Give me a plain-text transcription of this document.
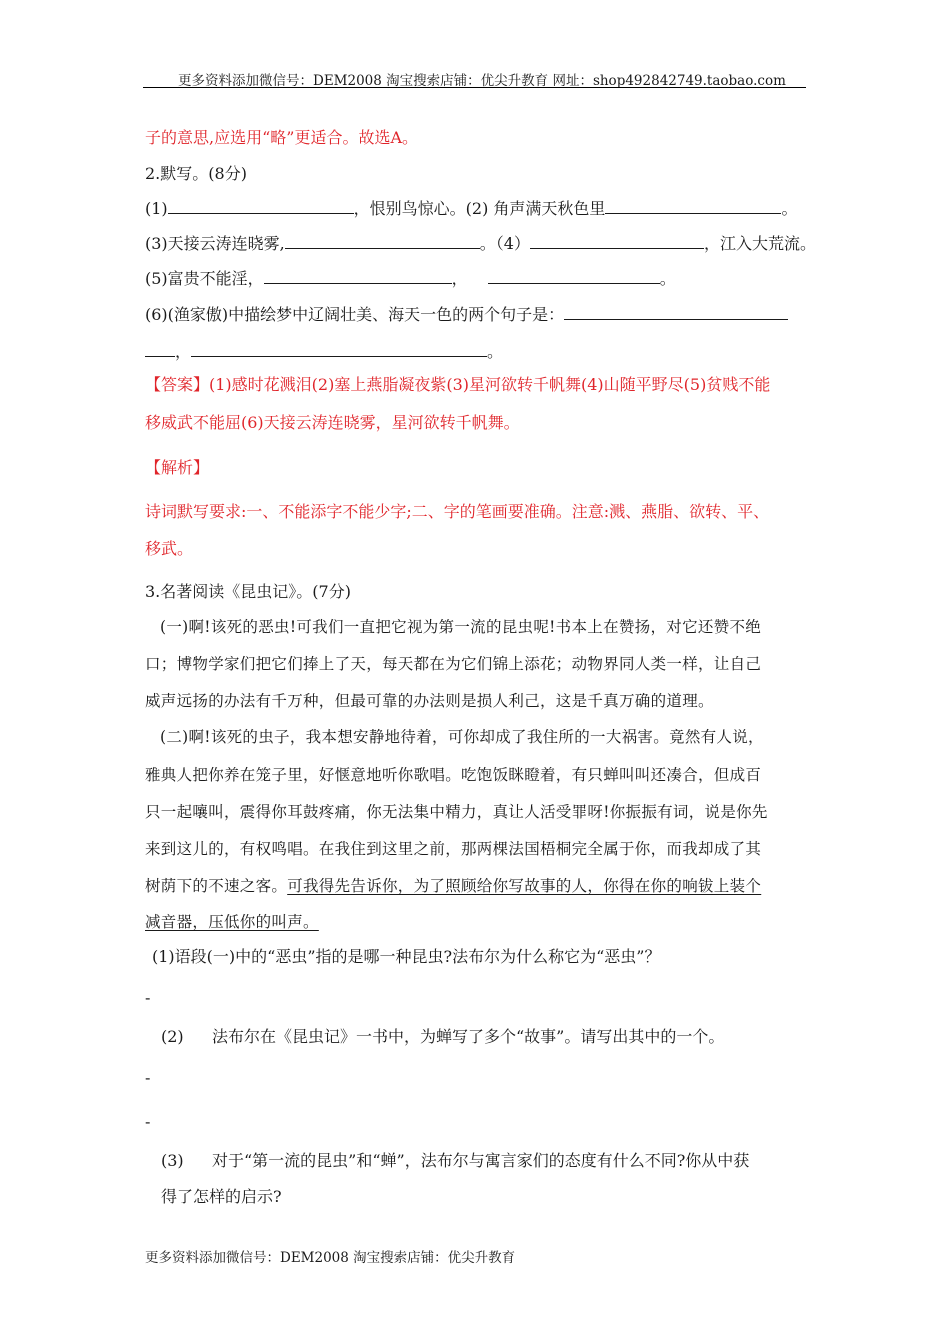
更多资料添加微信号：DEM2008 淘宝搜索店铺：优尖升教育 网址：shop492842749.taobao.com
子的意思,应选用“略”更适合。故选A。
2.默写。(8分)
(1)	，恨别鸟惊心。(2) 角声满天秋色里	。
(3)天接云涛连晓雾,	。（4）	，江入大荒流。
(5)富贵不能淫，	，	。
(6)(渔家傲)中描绘梦中辽阔壮美、海天一色的两个句子是：
，	。
【答案】(1)感时花溅泪(2)塞上燕脂凝夜紫(3)星河欲转千帆舞(4)山随平野尽(5)贫贱不能
移威武不能屈(6)天接云涛连晓雾，星河欲转千帆舞。
【解析】
诗词默写要求:一、不能添字不能少字;二、字的笔画要准确。注意:溅、燕脂、欲转、平、
移武。
3.名著阅读《昆虫记》。(7分)
(一)啊!该死的恶虫!可我们一直把它视为第一流的昆虫呢!书本上在赞扬，对它还赞不绝
口；博物学家们把它们捧上了天，每天都在为它们锦上添花；动物界同人类一样，让自己
威声远扬的办法有千万种，但最可靠的办法则是损人利己，这是千真万确的道理。
(二)啊!该死的虫子，我本想安静地待着，可你却成了我住所的一大祸害。竟然有人说，
雅典人把你养在笼子里，好惬意地听你歌唱。吃饱饭眯瞪着，有只蝉叫叫还凑合，但成百
只一起嚷叫，震得你耳鼓疼痛，你无法集中精力，真让人活受罪呀!你振振有词，说是你先
来到这儿的，有权鸣唱。在我住到这里之前，那两棵法国梧桐完全属于你，而我却成了其
树荫下的不速之客。可我得先告诉你，为了照顾给你写故事的人，你得在你的响钹上装个
减音器，压低你的叫声。
(1)语段(一)中的“恶虫”指的是哪一种昆虫?法布尔为什么称它为“恶虫”？
-
(2) 法布尔在《昆虫记》一书中，为蝉写了多个“故事”。请写出其中的一个。
-
-
(3) 对于“第一流的昆虫”和“蝉”，法布尔与寓言家们的态度有什么不同?你从中获
得了怎样的启示?
更多资料添加微信号：DEM2008 淘宝搜索店铺：优尖升教育
